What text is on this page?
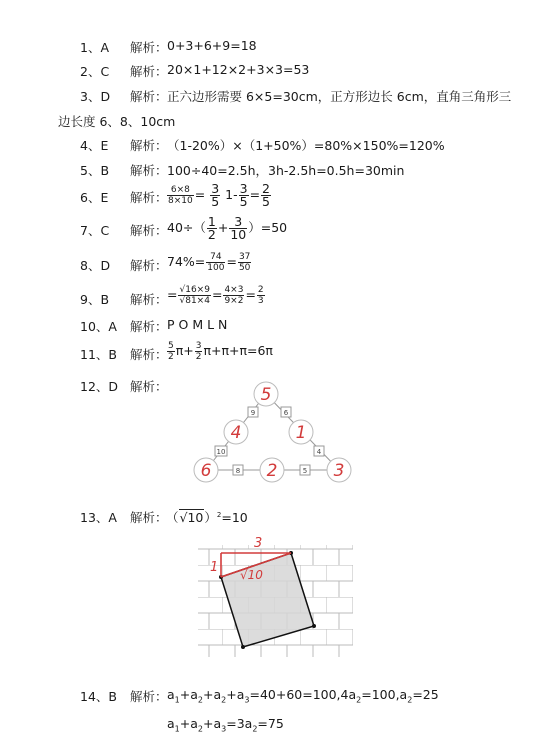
1、A 解析： 0+3+6+9=18
2、C 解析： 20×1+12×2+3×3=53
3、D 解析： 正六边形需要 6×5=30cm，正方形边长 6cm，直角三角形三
边长度 6、8、10cm
4、E 解析： （1-20%）×（1+50%）=80%×150%=120%
5、B 解析： 100÷40=2.5h，3h-2.5h=0.5h=30min
6、E 解析： $\frac{6\times 8}{8\times 10} = \frac{3}{5} 1- \frac{3}{5} = \frac{2}{5}$
7、C 解析： $40\div( \frac{1}{2} + \frac{3}{10} )=50$
8、D 解析： $74\%= \frac{74}{100} = \frac{37}{50}$
9、B 解析： = $\frac{√16\times 9}{√81\times 4} = \frac{4\times 3}{9\times 2} = \frac{2}{3}$
10、A 解析： P O M L N
11、B 解析： $\frac{5}{2} \pi+ \frac{3}{2} \pi+\pi+\pi=6\pi$
12、D 解析：
9	6
10	4
8	5
5
4	1
6	2	3
13、A 解析：
$(√10)^2=10$
3
1 √10
14、B 解析： $a_1+a_2+a_2+a_3=40+60=100,4a_2=100,a_2=25$
$a_1+a_2+a_3=3a_2=75$
